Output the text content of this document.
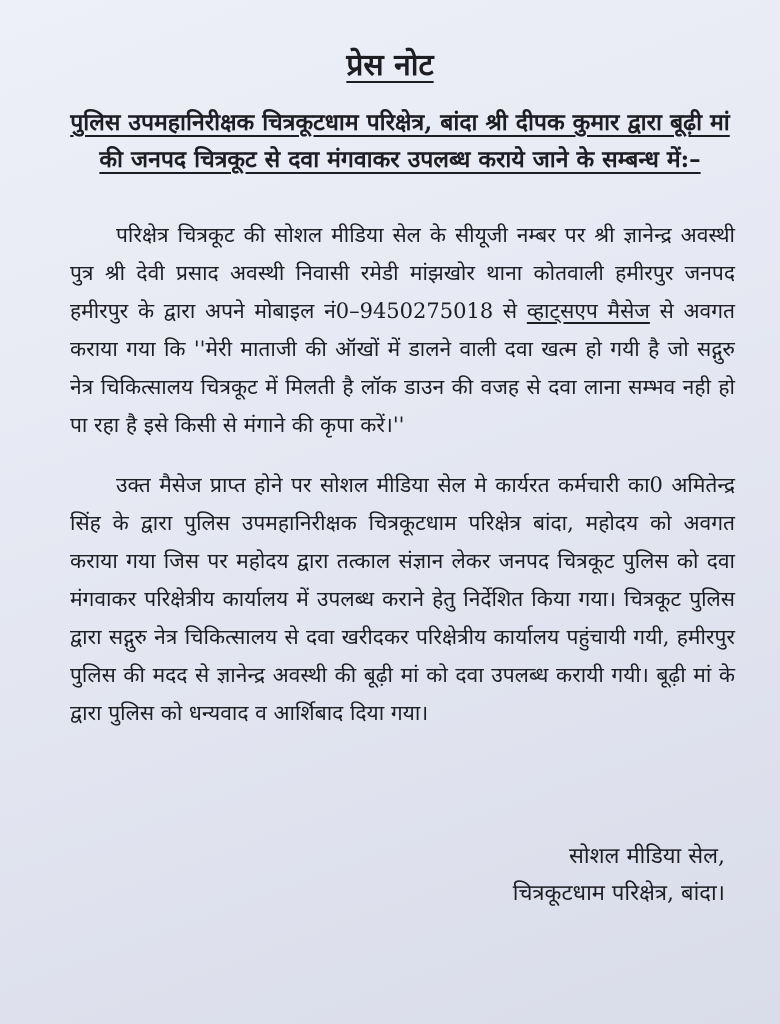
प्रेस नोट
पुलिस उपमहानिरीक्षक चित्रकूटधाम परिक्षेत्र, बांदा श्री दीपक कुमार द्वारा बूढ़ी मां की जनपद चित्रकूट से दवा मंगवाकर उपलब्ध कराये जाने के सम्बन्ध में:–

परिक्षेत्र चित्रकूट की सोशल मीडिया सेल के सीयूजी नम्बर पर श्री ज्ञानेन्द्र अवस्थी पुत्र श्री देवी प्रसाद अवस्थी निवासी रमेडी मांझखोर थाना कोतवाली हमीरपुर जनपद हमीरपुर के द्वारा अपने मोबाइल नं0–9450275018 से व्हाट्सएप मैसेज से अवगत कराया गया कि ''मेरी माताजी की ऑखों में डालने वाली दवा खत्म हो गयी है जो सद्गुरु नेत्र चिकित्सालय चित्रकूट में मिलती है लॉक डाउन की वजह से दवा लाना सम्भव नही हो पा रहा है इसे किसी से मंगाने की कृपा करें।''

उक्त मैसेज प्राप्त होने पर सोशल मीडिया सेल मे कार्यरत कर्मचारी का0 अमितेन्द्र सिंह के द्वारा पुलिस उपमहानिरीक्षक चित्रकूटधाम परिक्षेत्र बांदा, महोदय को अवगत कराया गया जिस पर महोदय द्वारा तत्काल संज्ञान लेकर जनपद चित्रकूट पुलिस को दवा मंगवाकर परिक्षेत्रीय कार्यालय में उपलब्ध कराने हेतु निर्देशित किया गया। चित्रकूट पुलिस द्वारा सद्गुरु नेत्र चिकित्सालय से दवा खरीदकर परिक्षेत्रीय कार्यालय पहुंचायी गयी, हमीरपुर पुलिस की मदद से ज्ञानेन्द्र अवस्थी की बूढ़ी मां को दवा उपलब्ध करायी गयी। बूढ़ी मां के द्वारा पुलिस को धन्यवाद व आर्शिबाद दिया गया।

सोशल मीडिया सेल,
चित्रकूटधाम परिक्षेत्र, बांदा।
